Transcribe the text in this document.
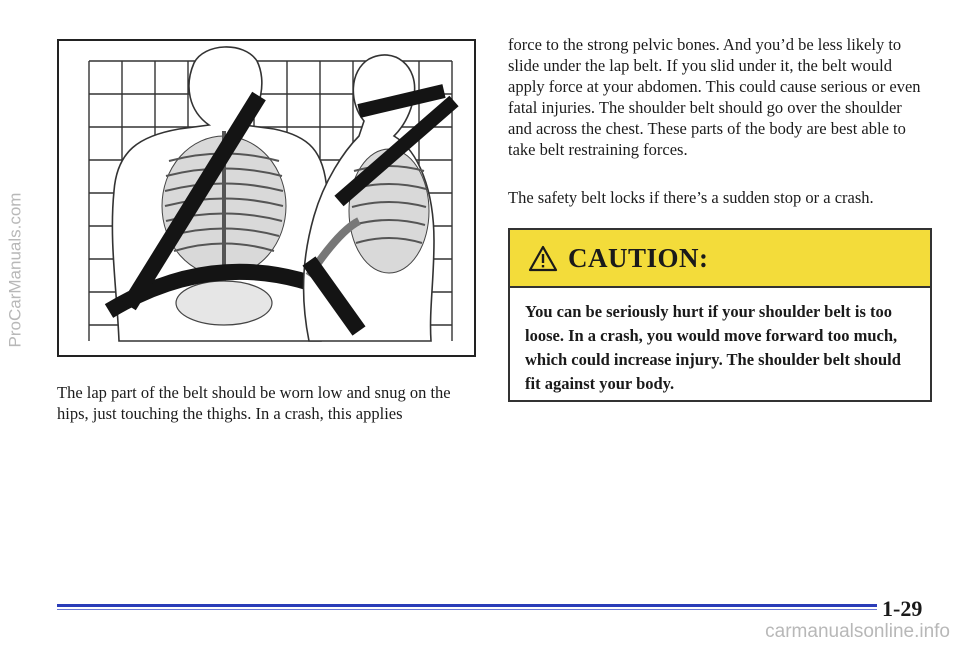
ProCarManuals.com

The lap part of the belt should be worn low and snug on the hips, just touching the thighs. In a crash, this applies

force to the strong pelvic bones. And you’d be less likely to slide under the lap belt. If you slid under it, the belt would apply force at your abdomen. This could cause serious or even fatal injuries. The shoulder belt should go over the shoulder and across the chest. These parts of the body are best able to take belt restraining forces.

The safety belt locks if there’s a sudden stop or a crash.

CAUTION:

You can be seriously hurt if your shoulder belt is too loose. In a crash, you would move forward too much, which could increase injury. The shoulder belt should fit against your body.

1-29
carmanualsonline.info
